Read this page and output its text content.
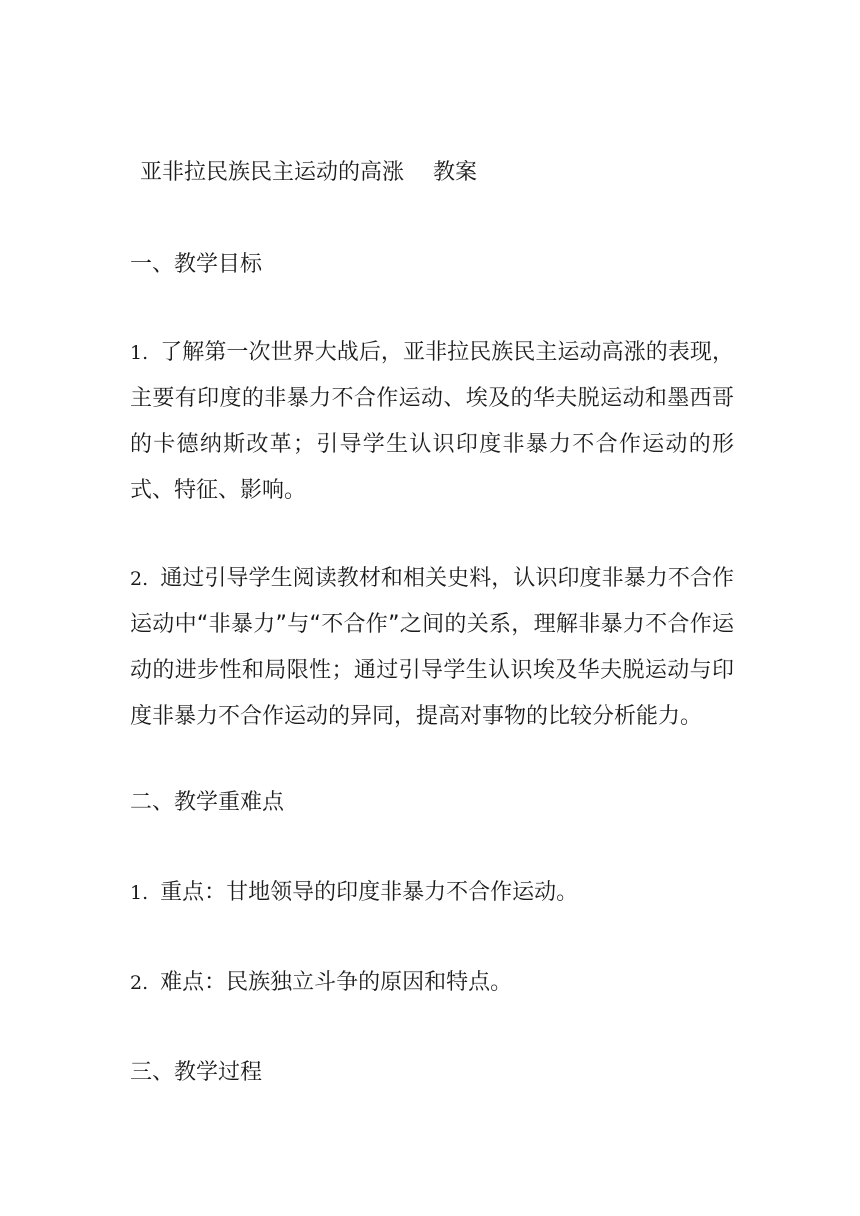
亚非拉民族民主运动的高涨　 教案
一、教学目标
1. 了解第一次世界大战后，亚非拉民族民主运动高涨的表现，主要有印度的非暴力不合作运动、埃及的华夫脱运动和墨西哥的卡德纳斯改革；引导学生认识印度非暴力不合作运动的形式、特征、影响。
2. 通过引导学生阅读教材和相关史料，认识印度非暴力不合作运动中“非暴力”与“不合作”之间的关系，理解非暴力不合作运动的进步性和局限性；通过引导学生认识埃及华夫脱运动与印度非暴力不合作运动的异同，提高对事物的比较分析能力。
二、教学重难点
1. 重点：甘地领导的印度非暴力不合作运动。
2. 难点：民族独立斗争的原因和特点。
三、教学过程
